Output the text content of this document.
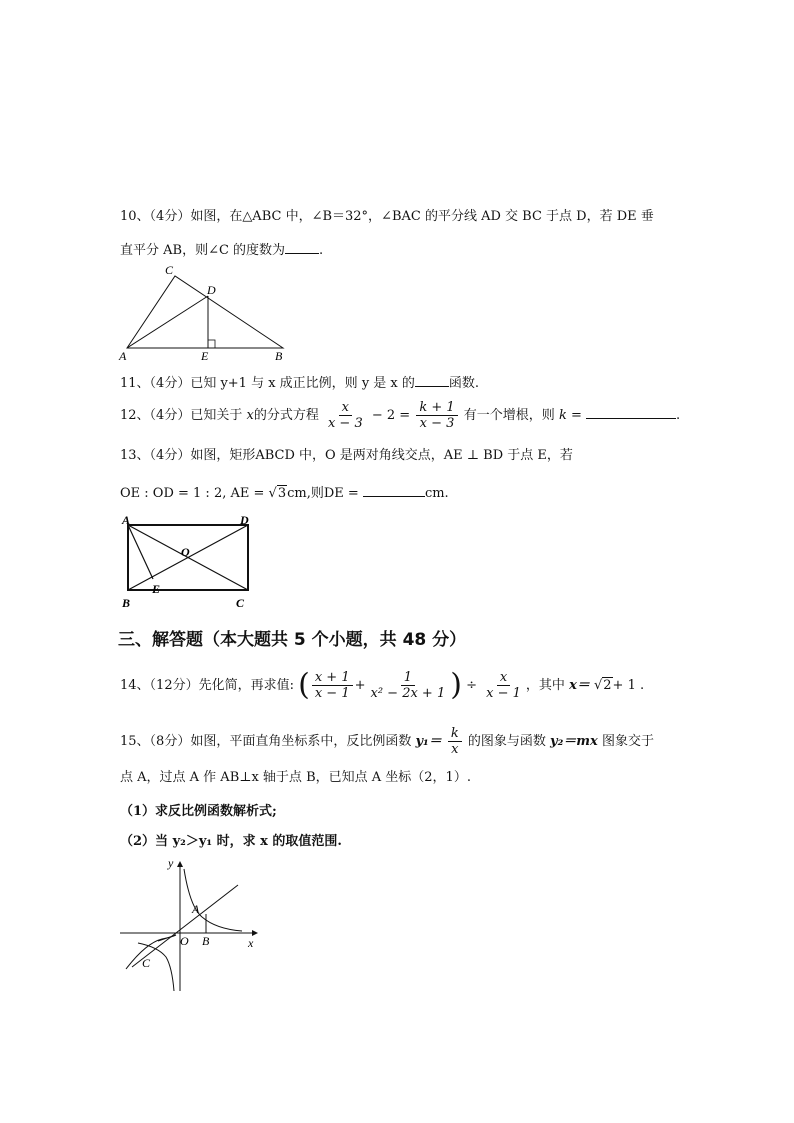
10、（4分）如图，在△ABC 中，∠B＝32°，∠BAC 的平分线 AD 交 BC 于点 D，若 DE 垂
直平分 AB，则∠C 的度数为	.
C
D
A	E	B
11、（4分）已知 y+1 与 x 成正比例，则 y 是 x 的	函数.
12、（4分）已知关于 x的分式方程 $\frac{x}{x - 3} - 2 = \frac{k + 1}{x - 3}$ 有一个增根，则 k =	.
13、（4分）如图，矩形ABCD 中，O 是两对角线交点，AE ⊥ BD 于点 E，若
OE : OD = 1 : 2, AE = √3cm,则DE =	cm.
A	D
O
E
B	C
三、解答题（本大题共 5 个小题，共 48 分）
14、（12分）先化简，再求值: ( $\frac{x + 1}{x - 1} + \frac{1}{\text{x² − 2x + 1}}$ ) ÷ $\frac{x}{x - 1}$ ，其中 x＝ √2+ 1 .
15、（8分）如图，平面直角坐标系中，反比例函数 $y_1= \frac{k}{x}$ 的图象与函数 y₂＝mx 图象交于
点 A，过点 A 作 AB⊥x 轴于点 B，已知点 A 坐标（2，1）.
（1）求反比例函数解析式;
（2）当 y₂＞y₁ 时，求 x 的取值范围.
y
x
O
A
B
C
